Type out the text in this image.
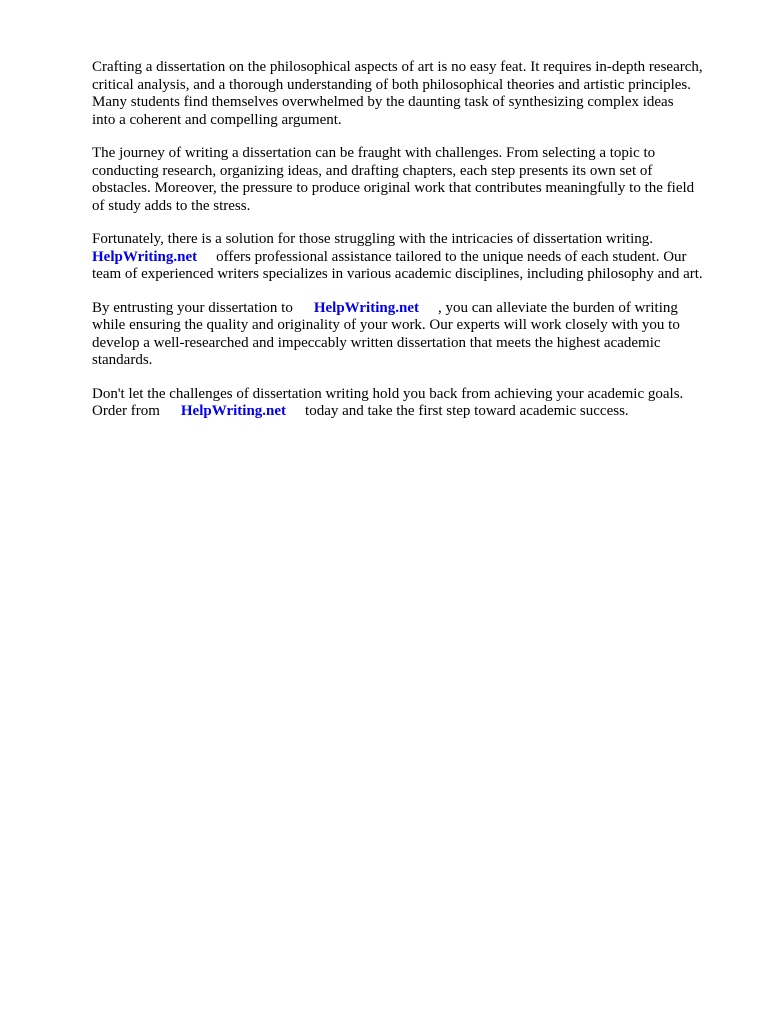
Crafting a dissertation on the philosophical aspects of art is no easy feat. It requires in-depth research,
critical analysis, and a thorough understanding of both philosophical theories and artistic principles.
Many students find themselves overwhelmed by the daunting task of synthesizing complex ideas
into a coherent and compelling argument.

The journey of writing a dissertation can be fraught with challenges. From selecting a topic to
conducting research, organizing ideas, and drafting chapters, each step presents its own set of
obstacles. Moreover, the pressure to produce original work that contributes meaningfully to the field
of study adds to the stress.

Fortunately, there is a solution for those struggling with the intricacies of dissertation writing.
HelpWriting.net offers professional assistance tailored to the unique needs of each student. Our
team of experienced writers specializes in various academic disciplines, including philosophy and art.

By entrusting your dissertation to HelpWriting.net , you can alleviate the burden of writing
while ensuring the quality and originality of your work. Our experts will work closely with you to
develop a well-researched and impeccably written dissertation that meets the highest academic
standards.

Don't let the challenges of dissertation writing hold you back from achieving your academic goals.
Order from HelpWriting.net today and take the first step toward academic success.
